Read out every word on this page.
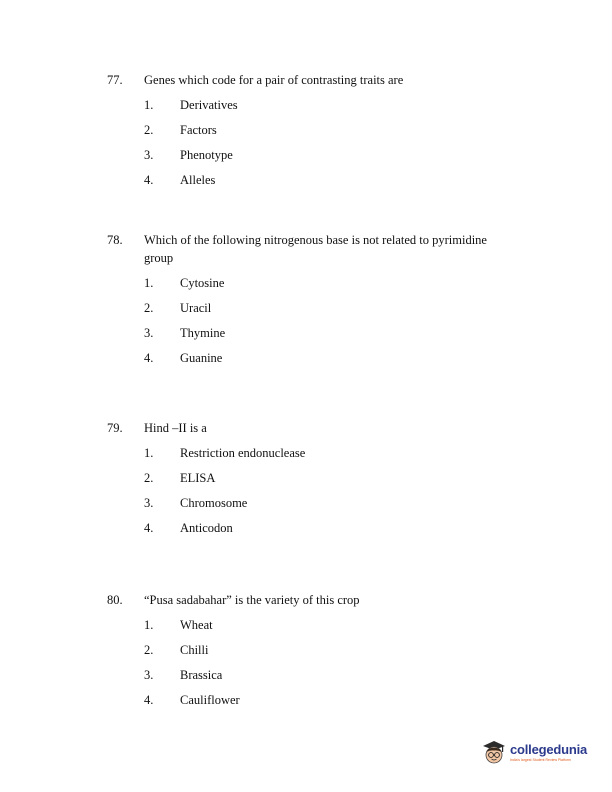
77.	Genes which code for a pair of contrasting traits are
1.	Derivatives
2.	Factors
3.	Phenotype
4.	Alleles
78.	Which of the following nitrogenous base is not related to pyrimidine group
1.	Cytosine
2.	Uracil
3.	Thymine
4.	Guanine
79.	Hind –II is a
1.	Restriction endonuclease
2.	ELISA
3.	Chromosome
4.	Anticodon
80.	“Pusa sadabahar” is the variety of this crop
1.	Wheat
2.	Chilli
3.	Brassica
4.	Cauliflower
collegedunia
India's largest Student Review Platform
